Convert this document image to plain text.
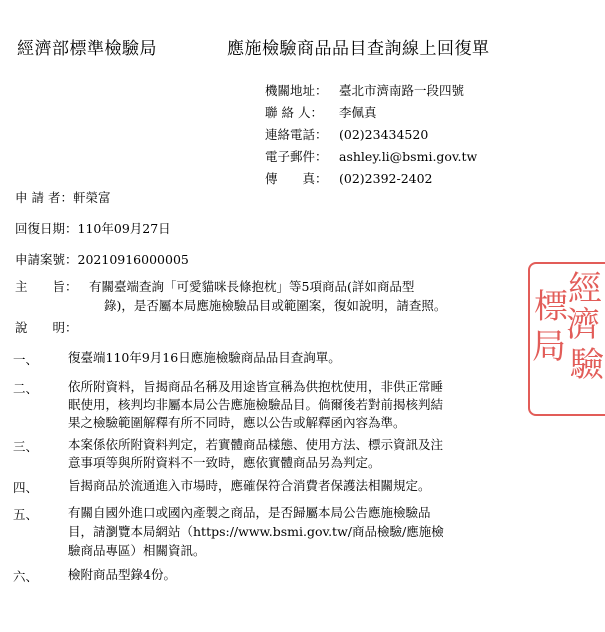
經濟部標準檢驗局	應施檢驗商品品目查詢線上回復單
機關地址： 臺北市濟南路一段四號
聯 絡 人： 李佩真
連絡電話： (02)23434520
電子郵件： ashley.li@bsmi.gov.tw
傳　　真： (02)2392-2402
申 請 者：軒榮富
回復日期：110年09月27日
申請案號：20210916000005
主　　旨： 有關臺端查詢「可愛貓咪長條抱枕」等5項商品(詳如商品型
錄)，是否屬本局應施檢驗品目或範圍案，復如說明，請查照。
說　　明：
一、 復臺端110年9月16日應施檢驗商品品目查詢單。
二、 依所附資料，旨揭商品名稱及用途皆宣稱為供抱枕使用，非供正常睡
眠使用，核判均非屬本局公告應施檢驗品目。倘爾後若對前揭核判結
果之檢驗範圍解釋有所不同時，應以公告或解釋函內容為準。
三、 本案係依所附資料判定，若實體商品樣態、使用方法、標示資訊及注
意事項等與所附資料不一致時，應依實體商品另為判定。
四、 旨揭商品於流通進入市場時，應確保符合消費者保護法相關規定。
五、 有關自國外進口或國內產製之商品，是否歸屬本局公告應施檢驗品
目，請瀏覽本局網站（https://www.bsmi.gov.tw/商品檢驗/應施檢
驗商品專區）相關資訊。
六、 檢附商品型錄4份。
經
濟
標
局 驗
